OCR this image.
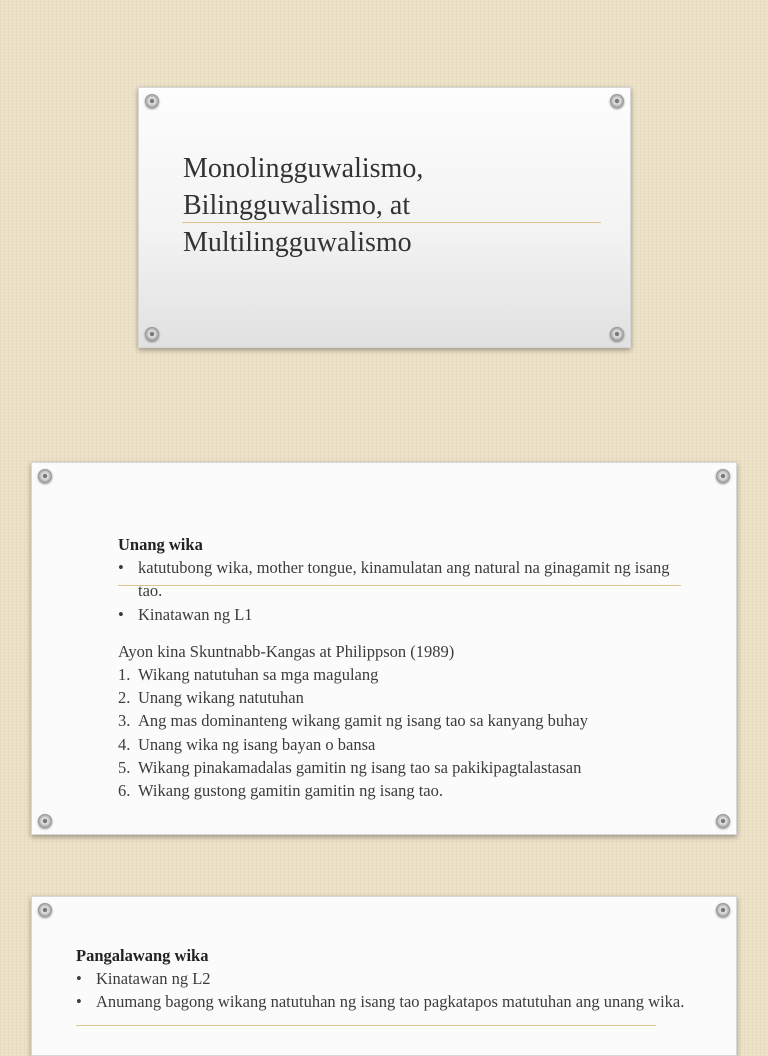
Monolingguwalismo,
Bilingguwalismo, at
Multilingguwalismo
Unang wika
• katutubong wika, mother tongue, kinamulatan ang natural na ginagamit ng isang tao.
• Kinatawan ng L1
Ayon kina Skuntnabb-Kangas at Philippson (1989)
1. Wikang natutuhan sa mga magulang
2. Unang wikang natutuhan
3. Ang mas dominanteng wikang gamit ng isang tao sa kanyang buhay
4. Unang wika ng isang bayan o bansa
5. Wikang pinakamadalas gamitin ng isang tao sa pakikipagtalastasan
6. Wikang gustong gamitin gamitin ng isang tao.
Pangalawang wika
• Kinatawan ng L2
• Anumang bagong wikang natutuhan ng isang tao pagkatapos matutuhan ang unang wika.
